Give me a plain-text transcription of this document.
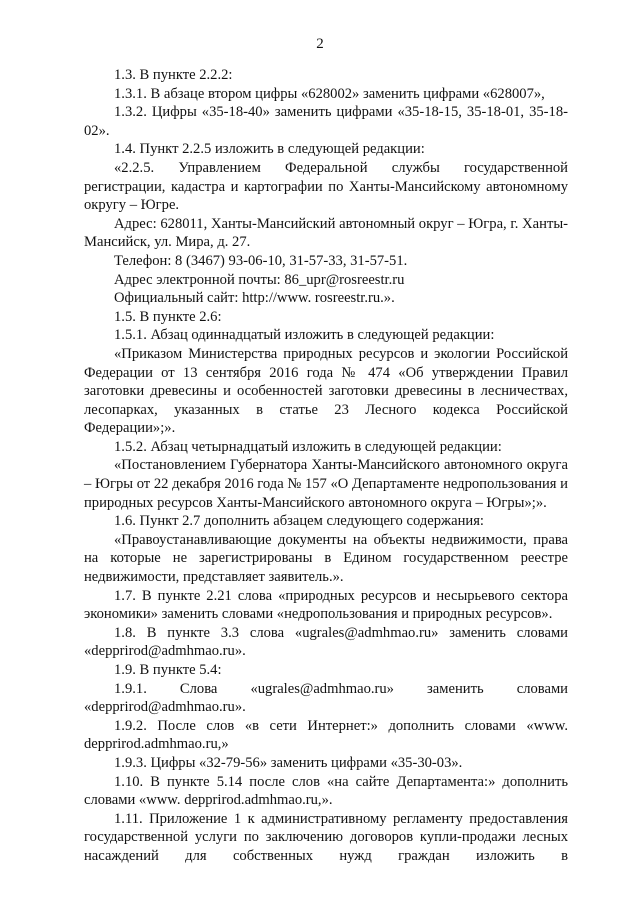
2

1.3. В пункте 2.2.2:

1.3.1. В абзаце втором цифры «628002» заменить цифрами «628007»,

1.3.2. Цифры «35-18-40» заменить цифрами «35-18-15, 35-18-01, 35-18-02».

1.4. Пункт 2.2.5 изложить в следующей редакции:

«2.2.5. Управлением Федеральной службы государственной регистрации, кадастра и картографии по Ханты-Мансийскому автономному округу – Югре.

Адрес: 628011, Ханты-Мансийский автономный округ – Югра, г. Ханты-Мансийск, ул. Мира, д. 27.

Телефон: 8 (3467) 93-06-10, 31-57-33, 31-57-51.

Адрес электронной почты: 86_upr@rosreestr.ru

Официальный сайт: http://www. rosreestr.ru.».

1.5. В пункте 2.6:

1.5.1. Абзац одиннадцатый изложить в следующей редакции:

«Приказом Министерства природных ресурсов и экологии Российской Федерации от 13 сентября 2016 года № 474 «Об утверждении Правил заготовки древесины и особенностей заготовки древесины в лесничествах, лесопарках, указанных в статье 23 Лесного кодекса Российской Федерации»;».

1.5.2. Абзац четырнадцатый изложить в следующей редакции:

«Постановлением Губернатора Ханты-Мансийского автономного округа – Югры от 22 декабря 2016 года № 157 «О Департаменте недропользования и природных ресурсов Ханты-Мансийского автономного округа – Югры»;».

1.6. Пункт 2.7 дополнить абзацем следующего содержания:

«Правоустанавливающие документы на объекты недвижимости, права на которые не зарегистрированы в Едином государственном реестре недвижимости, представляет заявитель.».

1.7. В пункте 2.21 слова «природных ресурсов и несырьевого сектора экономики» заменить словами «недропользования и природных ресурсов».

1.8. В пункте 3.3 слова «ugrales@admhmao.ru» заменить словами «depprirod@admhmao.ru».

1.9. В пункте 5.4:

1.9.1. Слова «ugrales@admhmao.ru» заменить словами «depprirod@admhmao.ru».

1.9.2. После слов «в сети Интернет:» дополнить словами «www. depprirod.admhmao.ru,»

1.9.3. Цифры «32-79-56» заменить цифрами «35-30-03».

1.10. В пункте 5.14 после слов «на сайте Департамента:» дополнить словами «www. depprirod.admhmao.ru,».

1.11. Приложение 1 к административному регламенту предоставления государственной услуги по заключению договоров купли-продажи лесных насаждений для собственных нужд граждан изложить в
